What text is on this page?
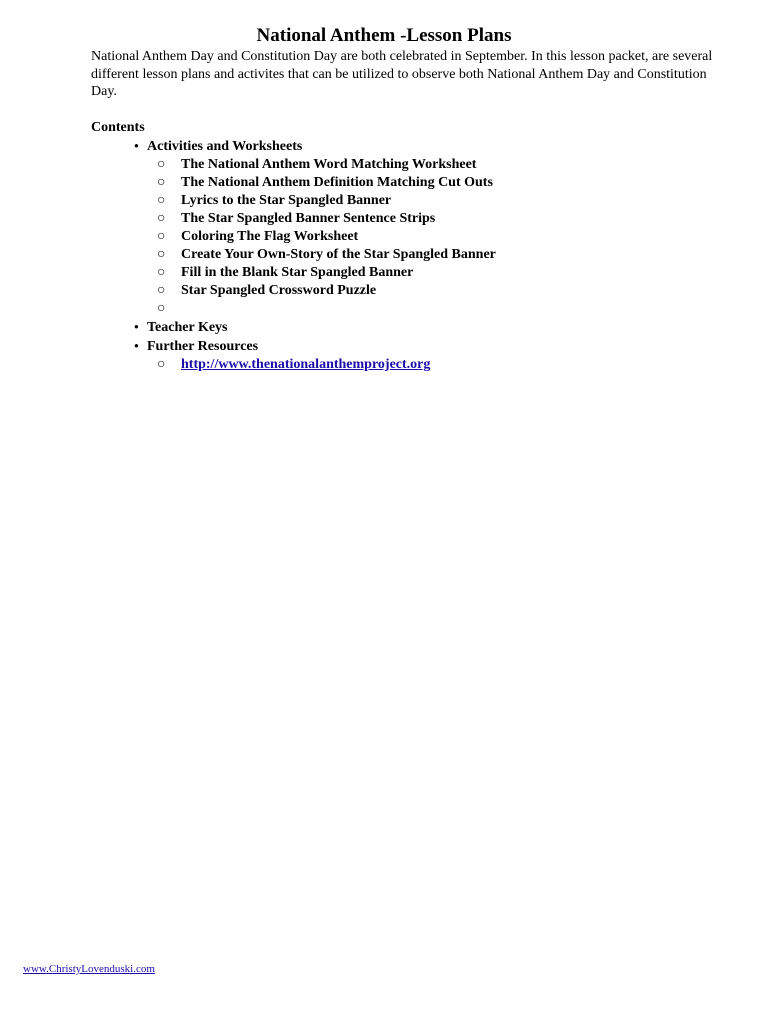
National Anthem -Lesson Plans
National Anthem Day and Constitution Day are both celebrated in September. In this lesson packet, are several different lesson plans and activites that can be utilized to observe both National Anthem Day and Constitution Day.
Contents
● Activities and Worksheets
○ The National Anthem Word Matching Worksheet
○ The National Anthem Definition Matching Cut Outs
○ Lyrics to the Star Spangled Banner
○ The Star Spangled Banner Sentence Strips
○ Coloring The Flag Worksheet
○ Create Your Own-Story of the Star Spangled Banner
○ Fill in the Blank Star Spangled Banner
○ Star Spangled Crossword Puzzle
○
● Teacher Keys
● Further Resources
○ http://www.thenationalanthemproject.org
www.ChristyLovenduski.com
